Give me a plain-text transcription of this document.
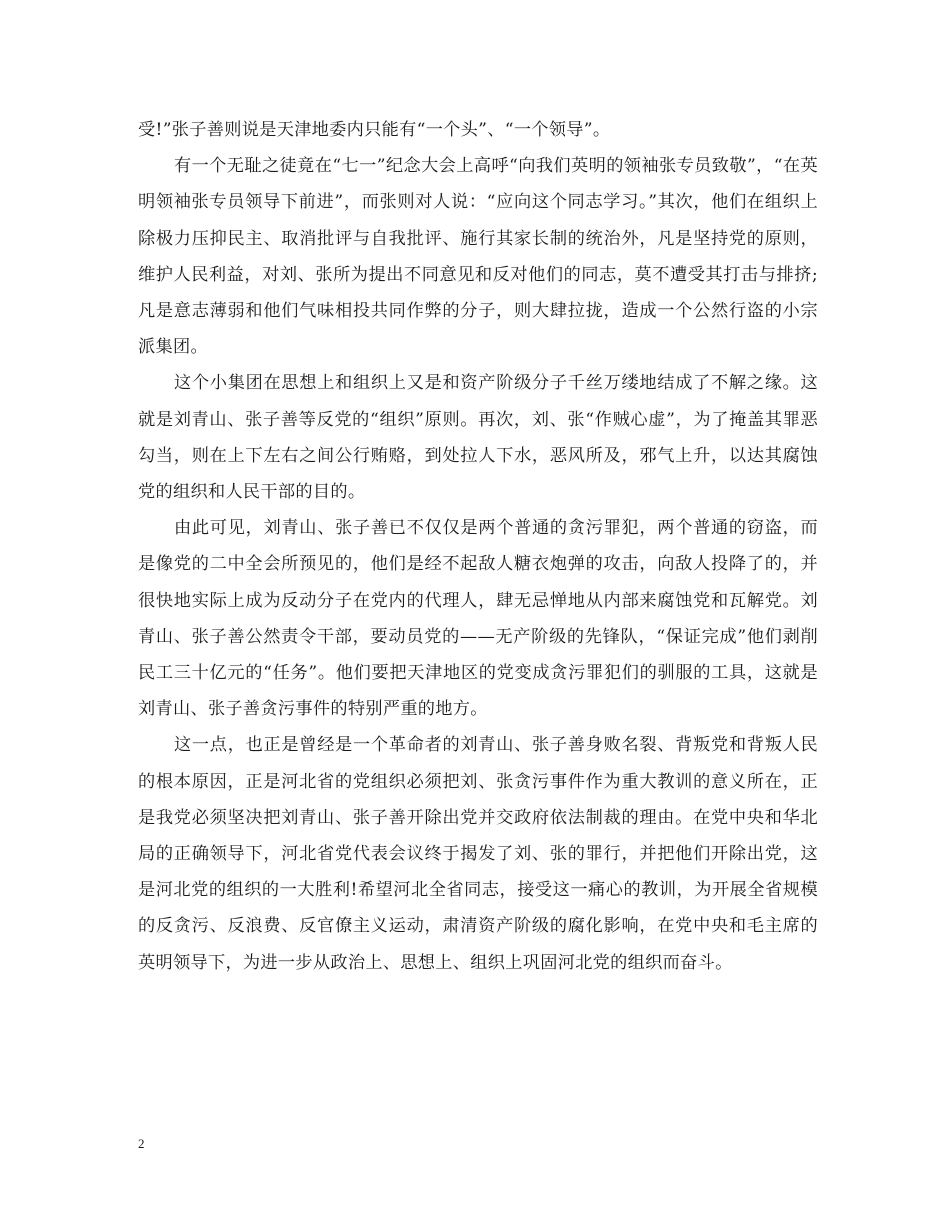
受!”张子善则说是天津地委内只能有“一个头”、“一个领导”。

有一个无耻之徒竟在“七一”纪念大会上高呼“向我们英明的领袖张专员致敬”，“在英明领袖张专员领导下前进”，而张则对人说：“应向这个同志学习。”其次，他们在组织上除极力压抑民主、取消批评与自我批评、施行其家长制的统治外，凡是坚持党的原则，维护人民利益，对刘、张所为提出不同意见和反对他们的同志，莫不遭受其打击与排挤;凡是意志薄弱和他们气味相投共同作弊的分子，则大肆拉拢，造成一个公然行盗的小宗派集团。

这个小集团在思想上和组织上又是和资产阶级分子千丝万缕地结成了不解之缘。这就是刘青山、张子善等反党的“组织”原则。再次，刘、张“作贼心虚”，为了掩盖其罪恶勾当，则在上下左右之间公行贿赂，到处拉人下水，恶风所及，邪气上升，以达其腐蚀党的组织和人民干部的目的。

由此可见，刘青山、张子善已不仅仅是两个普通的贪污罪犯，两个普通的窃盗，而是像党的二中全会所预见的，他们是经不起敌人糖衣炮弹的攻击，向敌人投降了的，并很快地实际上成为反动分子在党内的代理人，肆无忌惮地从内部来腐蚀党和瓦解党。刘青山、张子善公然责令干部，要动员党的——无产阶级的先锋队，“保证完成”他们剥削民工三十亿元的“任务”。他们要把天津地区的党变成贪污罪犯们的驯服的工具，这就是刘青山、张子善贪污事件的特别严重的地方。

这一点，也正是曾经是一个革命者的刘青山、张子善身败名裂、背叛党和背叛人民的根本原因，正是河北省的党组织必须把刘、张贪污事件作为重大教训的意义所在，正是我党必须坚决把刘青山、张子善开除出党并交政府依法制裁的理由。在党中央和华北局的正确领导下，河北省党代表会议终于揭发了刘、张的罪行，并把他们开除出党，这是河北党的组织的一大胜利!希望河北全省同志，接受这一痛心的教训，为开展全省规模的反贪污、反浪费、反官僚主义运动，肃清资产阶级的腐化影响，在党中央和毛主席的英明领导下，为进一步从政治上、思想上、组织上巩固河北党的组织而奋斗。

2
